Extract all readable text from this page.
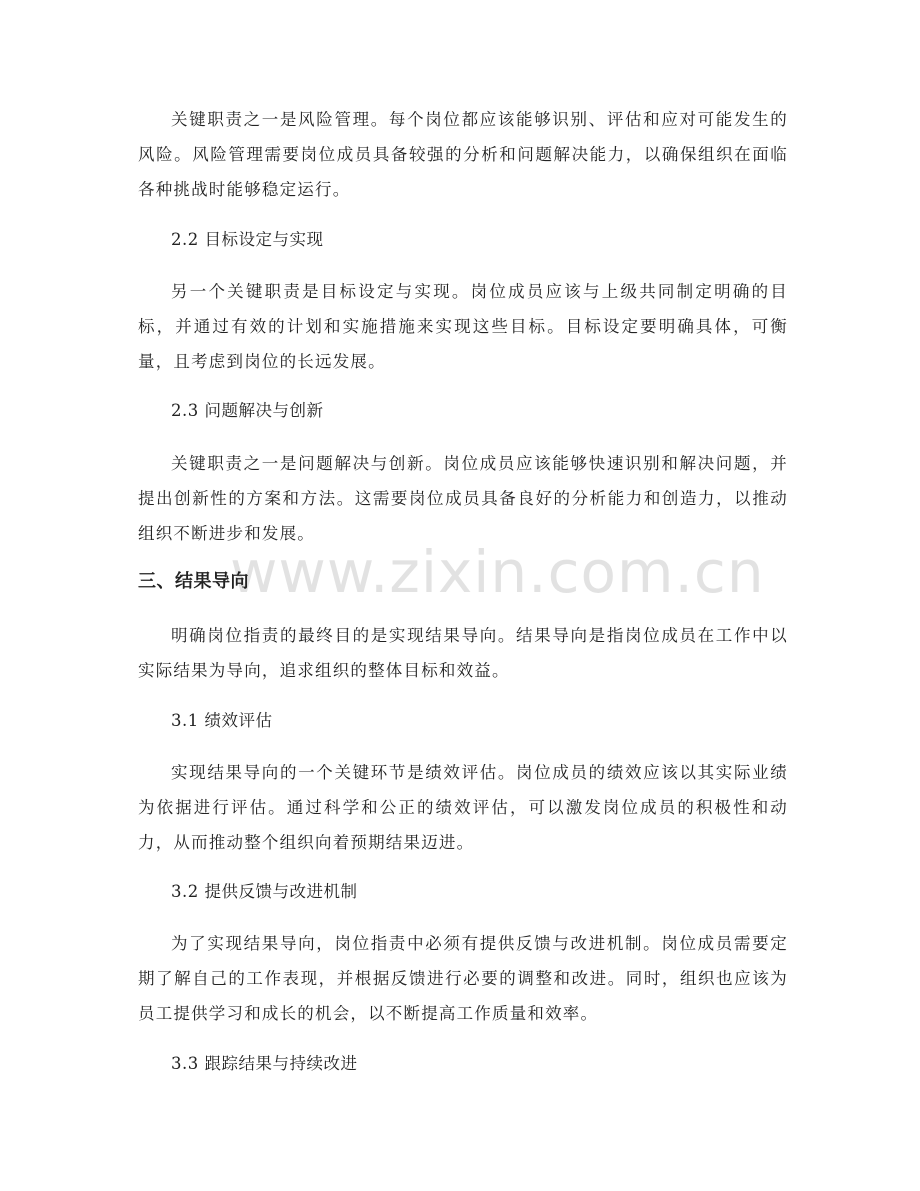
www.zixin.com.cn

关键职责之一是风险管理。每个岗位都应该能够识别、评估和应对可能发生的风险。风险管理需要岗位成员具备较强的分析和问题解决能力，以确保组织在面临各种挑战时能够稳定运行。

2.2 目标设定与实现

另一个关键职责是目标设定与实现。岗位成员应该与上级共同制定明确的目标，并通过有效的计划和实施措施来实现这些目标。目标设定要明确具体，可衡量，且考虑到岗位的长远发展。

2.3 问题解决与创新

关键职责之一是问题解决与创新。岗位成员应该能够快速识别和解决问题，并提出创新性的方案和方法。这需要岗位成员具备良好的分析能力和创造力，以推动组织不断进步和发展。

三、结果导向

明确岗位指责的最终目的是实现结果导向。结果导向是指岗位成员在工作中以实际结果为导向，追求组织的整体目标和效益。

3.1 绩效评估

实现结果导向的一个关键环节是绩效评估。岗位成员的绩效应该以其实际业绩为依据进行评估。通过科学和公正的绩效评估，可以激发岗位成员的积极性和动力，从而推动整个组织向着预期结果迈进。

3.2 提供反馈与改进机制

为了实现结果导向，岗位指责中必须有提供反馈与改进机制。岗位成员需要定期了解自己的工作表现，并根据反馈进行必要的调整和改进。同时，组织也应该为员工提供学习和成长的机会，以不断提高工作质量和效率。

3.3 跟踪结果与持续改进
